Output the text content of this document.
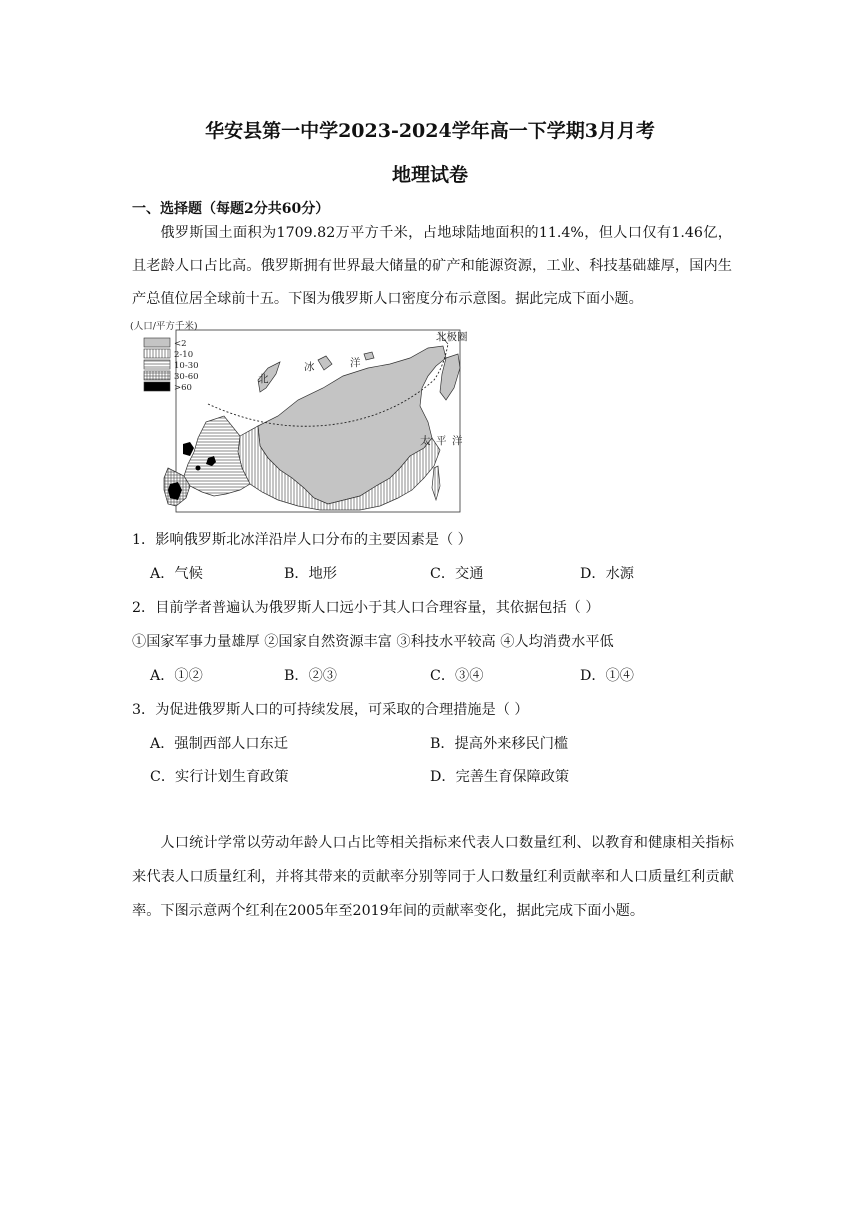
华安县第一中学2023-2024学年高一下学期3月月考
地理试卷
一、选择题（每题2分共60分）
俄罗斯国土面积为1709.82万平方千米，占地球陆地面积的11.4%，但人口仅有1.46亿，且老龄人口占比高。俄罗斯拥有世界最大储量的矿产和能源资源，工业、科技基础雄厚，国内生产总值位居全球前十五。下图为俄罗斯人口密度分布示意图。据此完成下面小题。
(人口/平方千米)
<2
2-10
10-30
30-60
>60
北极圈
北
冰	洋
太 平 洋
1．影响俄罗斯北冰洋沿岸人口分布的主要因素是（ ）
A．气候	B．地形	C．交通	D．水源
2．目前学者普遍认为俄罗斯人口远小于其人口合理容量，其依据包括（ ）
①国家军事力量雄厚 ②国家自然资源丰富 ③科技水平较高 ④人均消费水平低
A．①②	B．②③	C．③④	D．①④
3．为促进俄罗斯人口的可持续发展，可采取的合理措施是（ ）
A．强制西部人口东迁	B．提高外来移民门槛
C．实行计划生育政策	D．完善生育保障政策
人口统计学常以劳动年龄人口占比等相关指标来代表人口数量红利、以教育和健康相关指标来代表人口质量红利，并将其带来的贡献率分别等同于人口数量红利贡献率和人口质量红利贡献率。下图示意两个红利在2005年至2019年间的贡献率变化，据此完成下面小题。
